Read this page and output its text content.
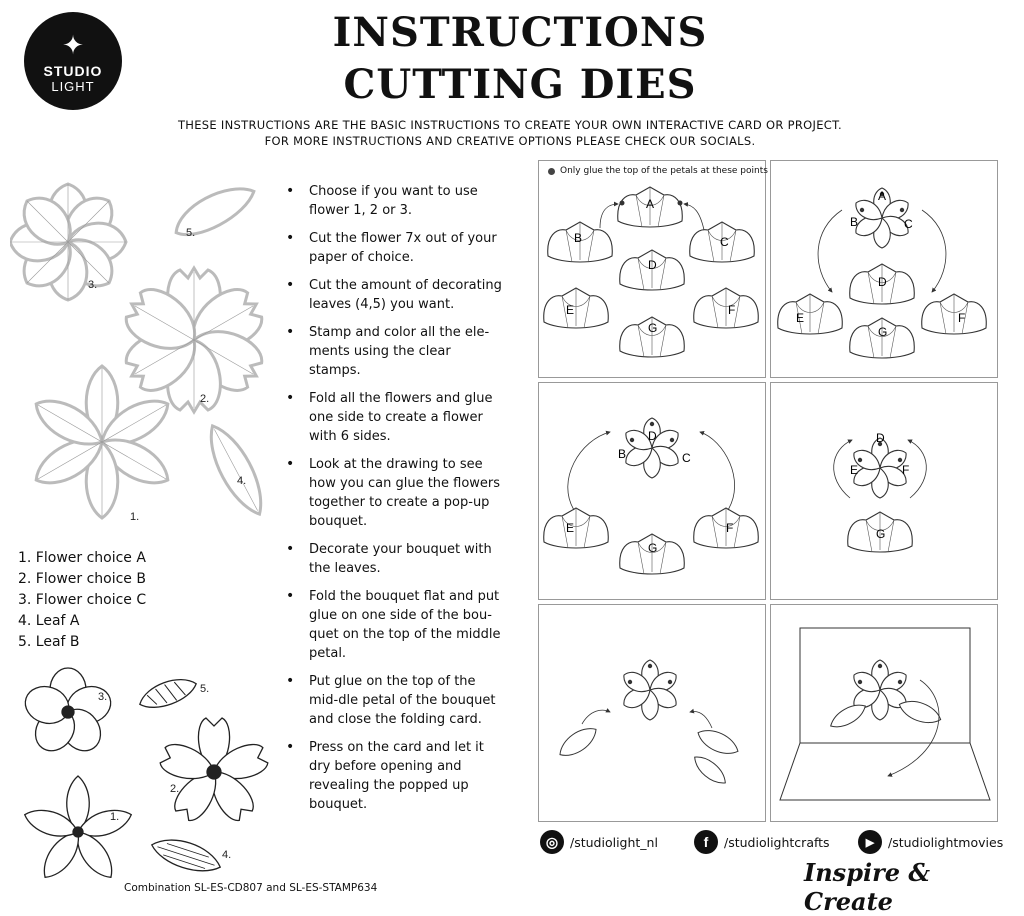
✦
STUDIO
LIGHT
INSTRUCTIONS
CUTTING DIES
THESE INSTRUCTIONS ARE THE BASIC INSTRUCTIONS TO CREATE YOUR OWN INTERACTIVE CARD OR PROJECT.
FOR MORE INSTRUCTIONS AND CREATIVE OPTIONS PLEASE CHECK OUR SOCIALS.
3.
5.
2.
1.
4.
1. Flower choice A
2. Flower choice B
3. Flower choice C
4. Leaf A
5. Leaf B
3.
5.
2.
1.
4.
• Choose if you want to use flower 1, 2 or 3.
• Cut the flower 7x out of your paper of choice.
• Cut the amount of decorating leaves (4,5) you want.
• Stamp and color all the ele-ments using the clear stamps.
• Fold all the flowers and glue one side to create a flower with 6 sides.
• Look at the drawing to see how you can glue the flowers together to create a pop-up bouquet.
• Decorate your bouquet with the leaves.
• Fold the bouquet flat and put glue on one side of the bou-quet on the top of the middle petal.
• Put glue on the top of the mid-dle petal of the bouquet and close the folding card.
• Press on the card and let it dry before opening and revealing the popped up bouquet.
Only glue the top of the petals at these points
A
B	C
D
E	F
G
A
B	C
D
E	F
G
D
B	C
E	F
G
D
E	F
G
◎ /studiolight_nl	f	/studiolightcrafts	▶	/studiolightmovies
Inspire & Create
Combination SL-ES-CD807 and SL-ES-STAMP634
